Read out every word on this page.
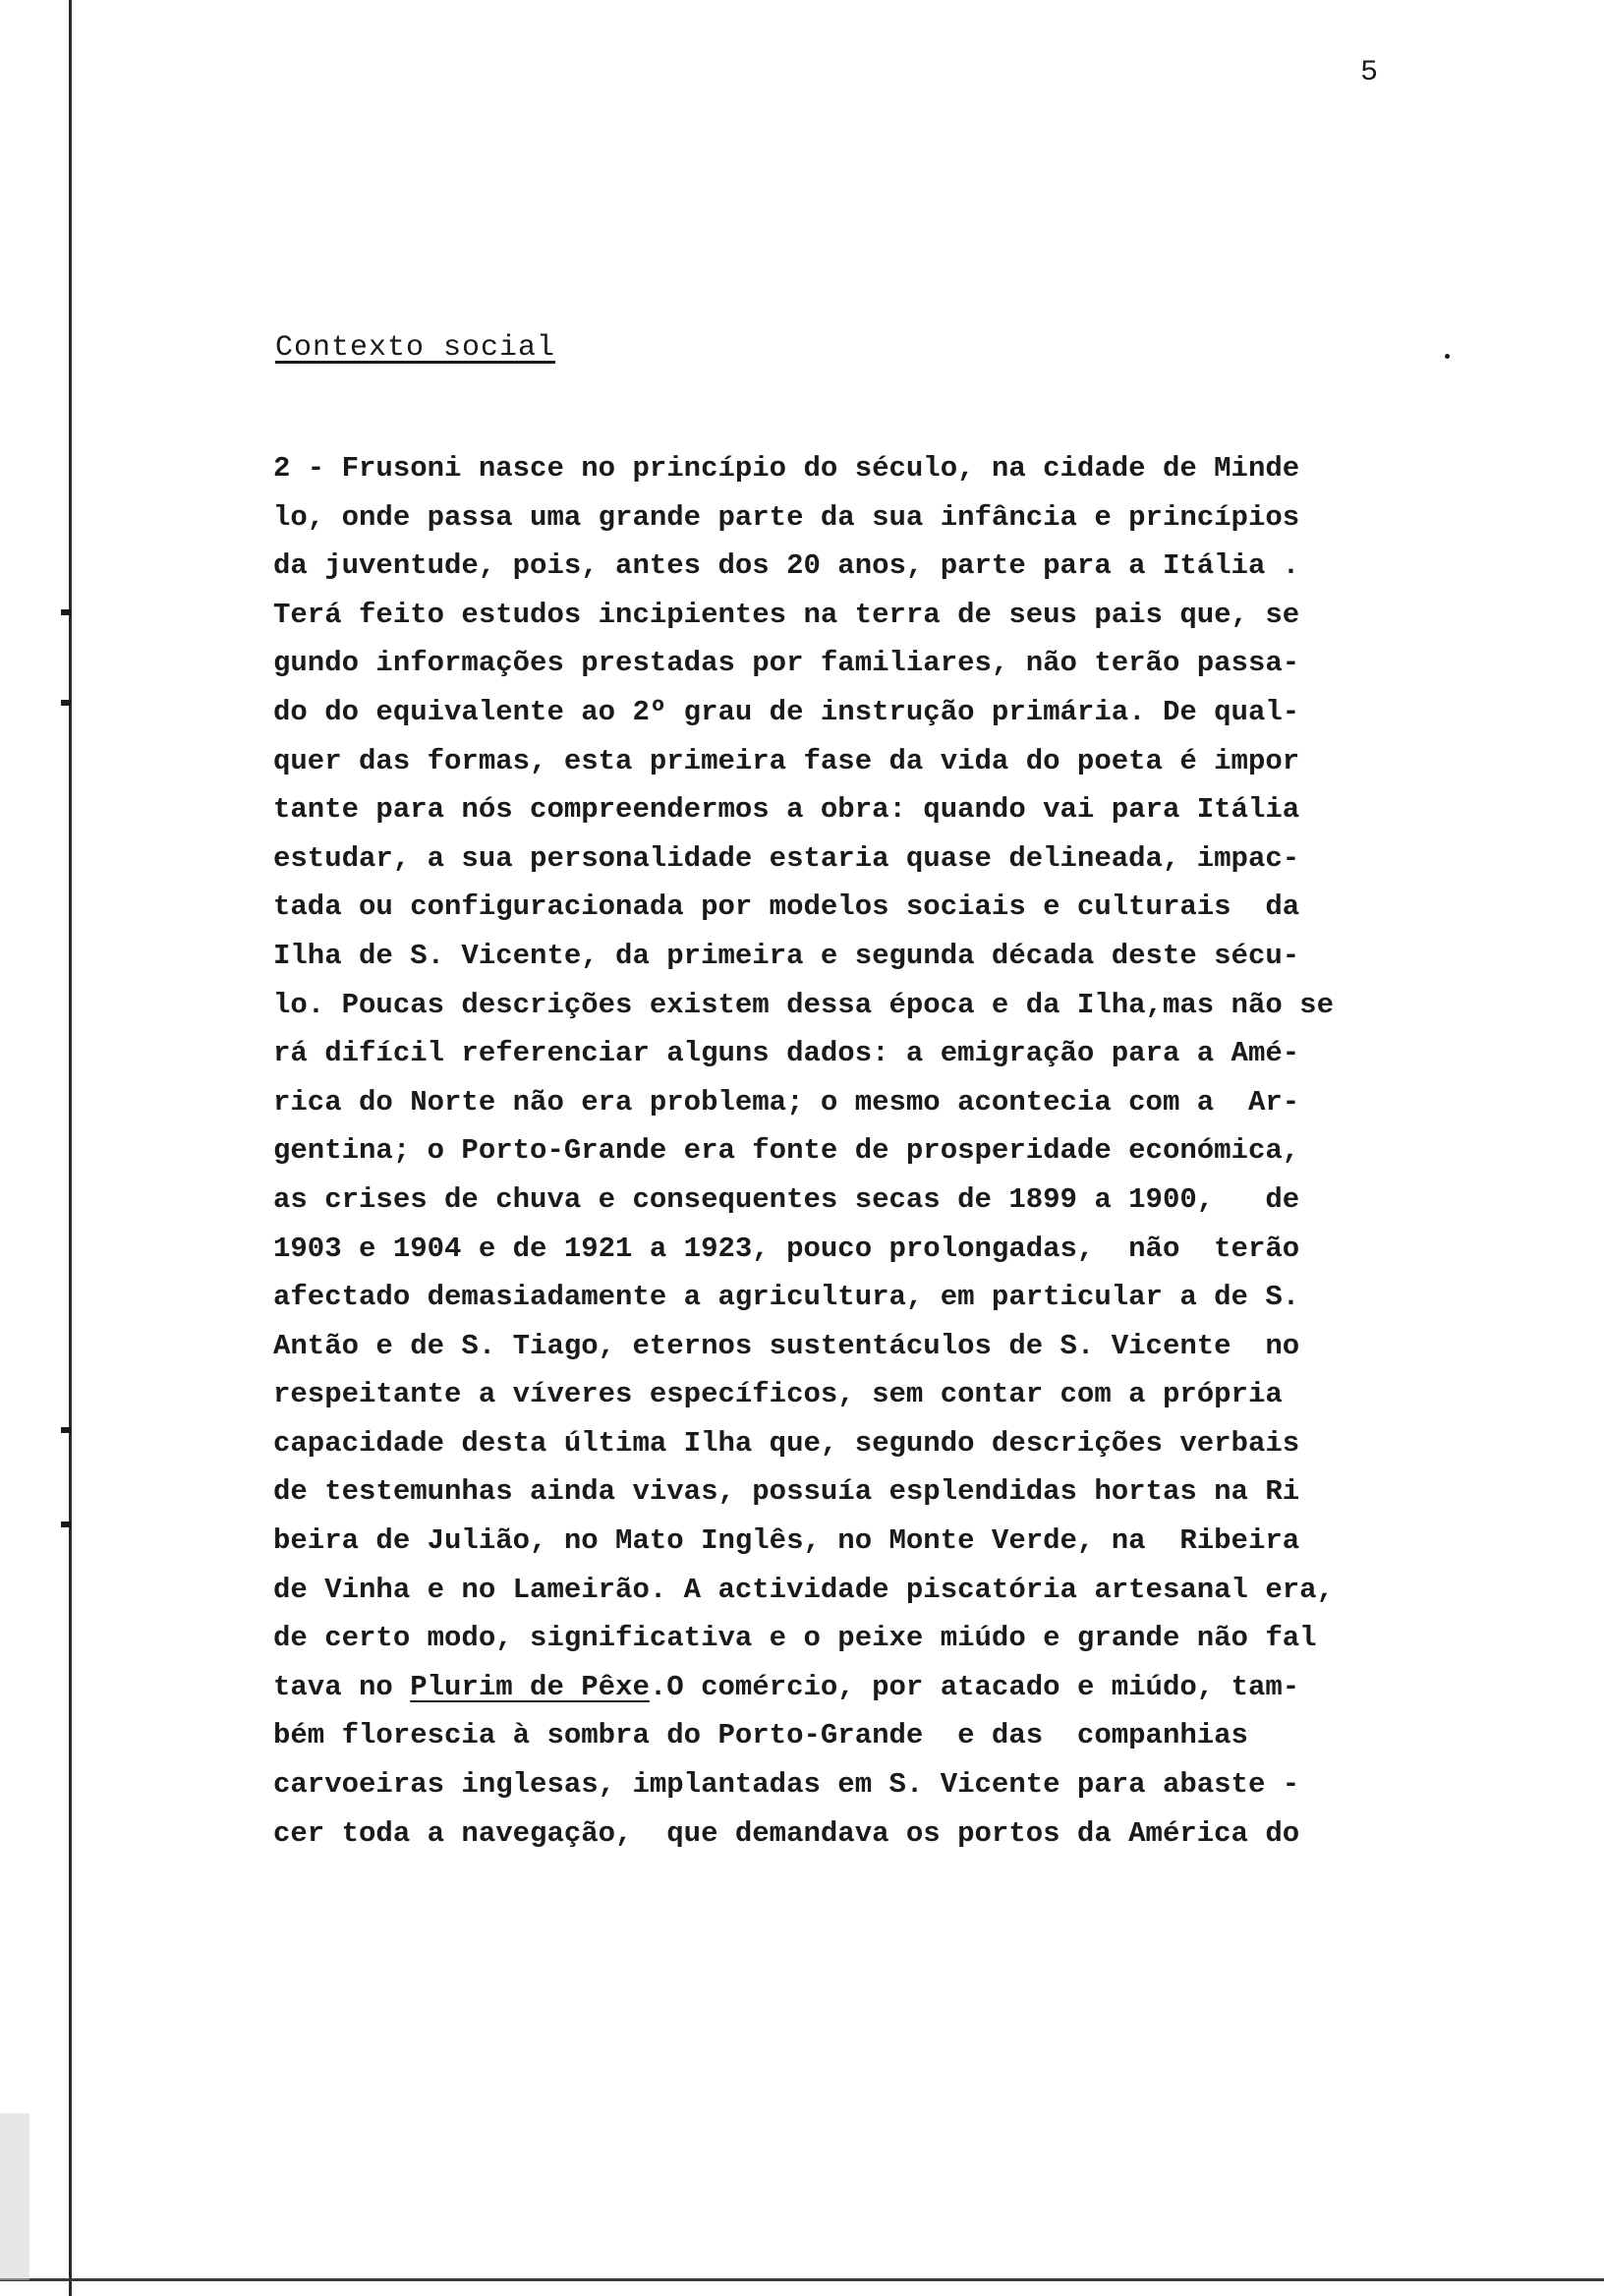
5
Contexto social
2 - Frusoni nasce no princípio do século, na cidade de Minde
lo, onde passa uma grande parte da sua infância e princípios
da juventude, pois, antes dos 20 anos, parte para a Itália .
Terá feito estudos incipientes na terra de seus pais que, se
gundo informações prestadas por familiares, não terão passa-
do do equivalente ao 2º grau de instrução primária. De qual-
quer das formas, esta primeira fase da vida do poeta é impor
tante para nós compreendermos a obra: quando vai para Itália
estudar, a sua personalidade estaria quase delineada, impac-
tada ou configuracionada por modelos sociais e culturais  da
Ilha de S. Vicente, da primeira e segunda década deste sécu-
lo. Poucas descrições existem dessa época e da Ilha,mas não se
rá difícil referenciar alguns dados: a emigração para a Amé-
rica do Norte não era problema; o mesmo acontecia com a  Ar-
gentina; o Porto-Grande era fonte de prosperidade económica,
as crises de chuva e consequentes secas de 1899 a 1900,   de
1903 e 1904 e de 1921 a 1923, pouco prolongadas,  não  terão
afectado demasiadamente a agricultura, em particular a de S.
Antão e de S. Tiago, eternos sustentáculos de S. Vicente  no
respeitante a víveres específicos, sem contar com a própria
capacidade desta última Ilha que, segundo descrições verbais
de testemunhas ainda vivas, possuía esplendidas hortas na Ri
beira de Julião, no Mato Inglês, no Monte Verde, na  Ribeira
de Vinha e no Lameirão. A actividade piscatória artesanal era,
de certo modo, significativa e o peixe miúdo e grande não fal
tava no Plurim de Pêxe.O comércio, por atacado e miúdo, tam-
bém florescia à sombra do Porto-Grande  e das  companhias
carvoeiras inglesas, implantadas em S. Vicente para abaste -
cer toda a navegação,  que demandava os portos da América do
